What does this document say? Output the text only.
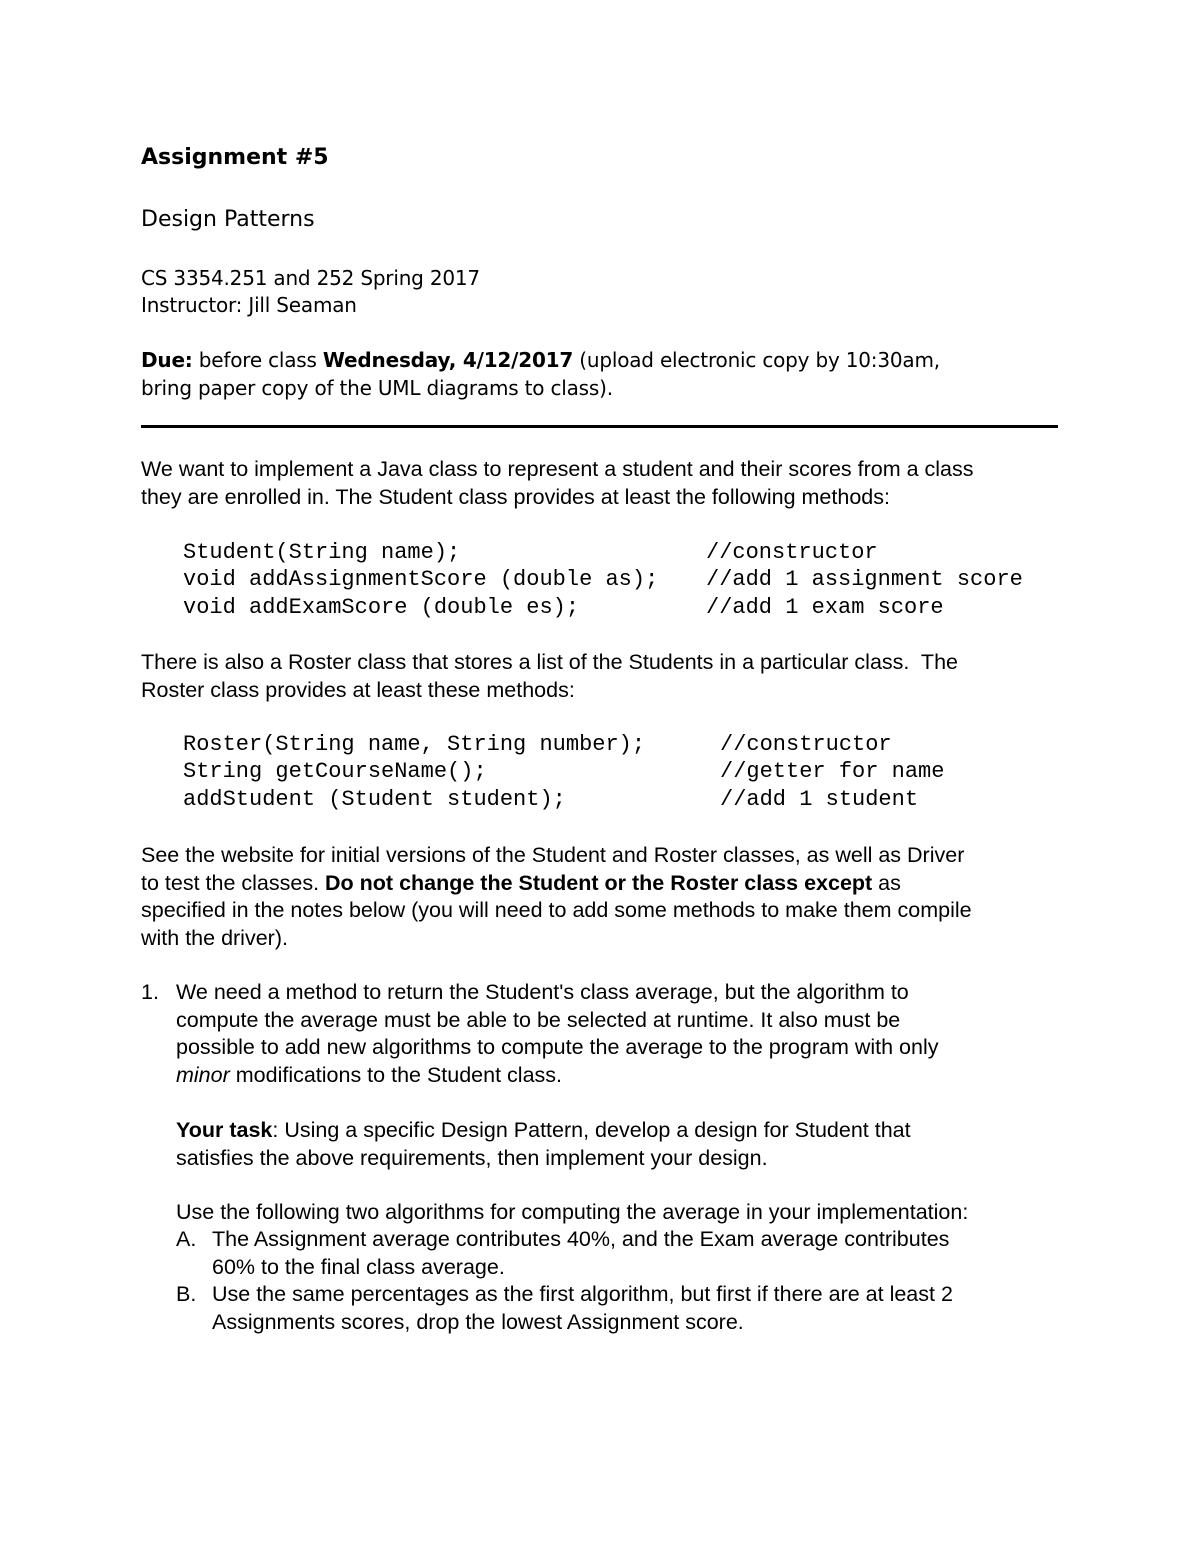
Assignment #5
Design Patterns
CS 3354.251 and 252 Spring 2017
Instructor: Jill Seaman
Due: before class Wednesday, 4/12/2017 (upload electronic copy by 10:30am,
bring paper copy of the UML diagrams to class).
We want to implement a Java class to represent a student and their scores from a class
they are enrolled in. The Student class provides at least the following methods:
Student(String name);	//constructor
void addAssignmentScore (double as); //add 1 assignment score
void addExamScore (double es);	//add 1 exam score
There is also a Roster class that stores a list of the Students in a particular class.  The
Roster class provides at least these methods:
Roster(String name, String number);	//constructor
String getCourseName();	//getter for name
addStudent (Student student);	//add 1 student
See the website for initial versions of the Student and Roster classes, as well as Driver
to test the classes. Do not change the Student or the Roster class except as
specified in the notes below (you will need to add some methods to make them compile
with the driver).
1. We need a method to return the Student's class average, but the algorithm to
compute the average must be able to be selected at runtime. It also must be
possible to add new algorithms to compute the average to the program with only
minor modifications to the Student class.
Your task: Using a specific Design Pattern, develop a design for Student that
satisfies the above requirements, then implement your design.
Use the following two algorithms for computing the average in your implementation:
A. The Assignment average contributes 40%, and the Exam average contributes
60% to the final class average.
B. Use the same percentages as the first algorithm, but first if there are at least 2
Assignments scores, drop the lowest Assignment score.
